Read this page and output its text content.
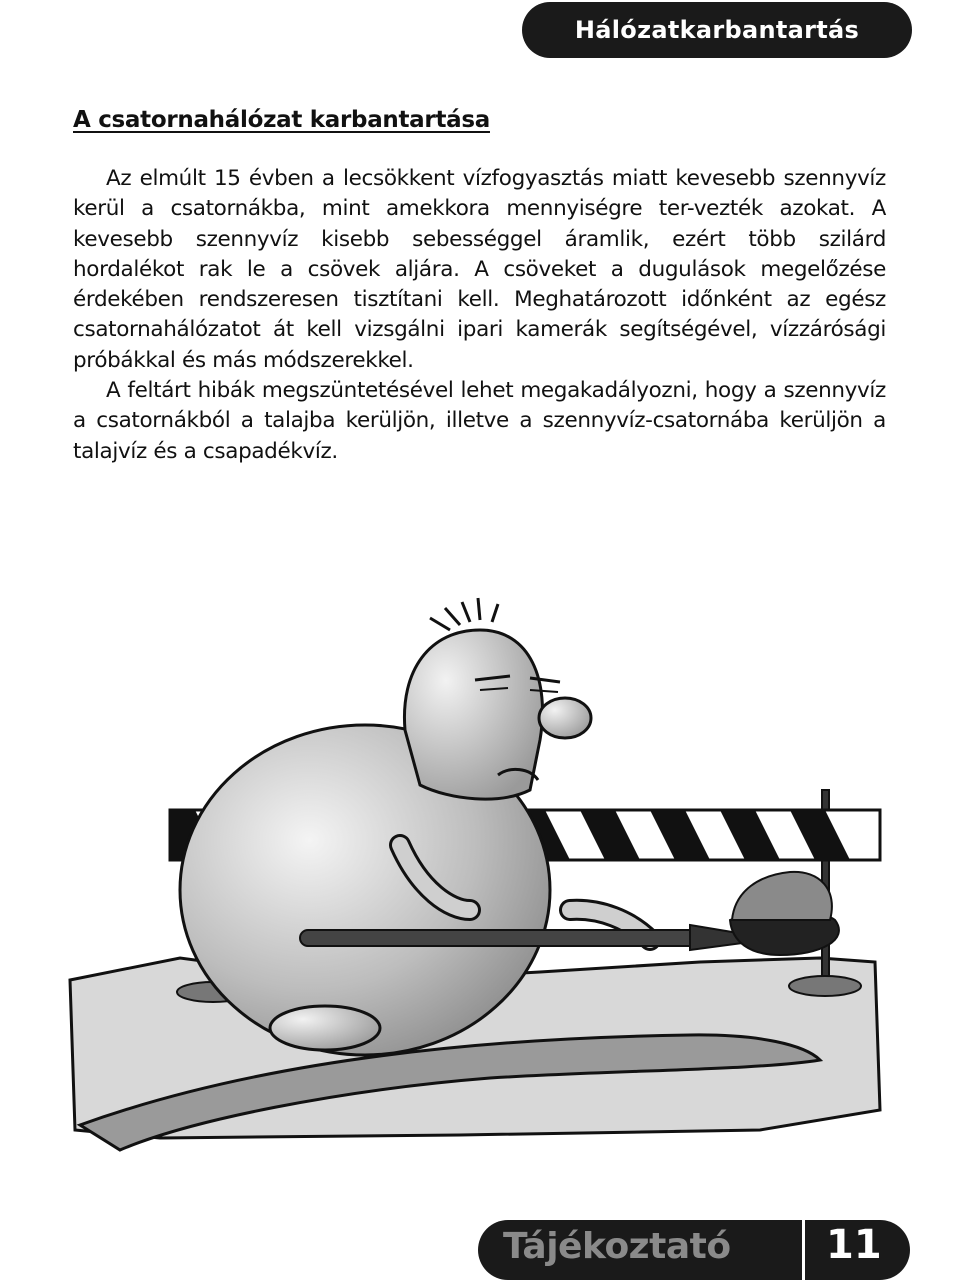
Hálózatkarbantartás
A csatornahálózat karbantartása

Az elmúlt 15 évben a lecsökkent vízfogyasztás miatt kevesebb szennyvíz kerül a csatornákba, mint amekkora mennyiségre ter-vezték azokat. A kevesebb szennyvíz kisebb sebességgel áramlik, ezért több szilárd hordalékot rak le a csövek aljára. A csöveket a dugulások megelőzése érdekében rendszeresen tisztítani kell. Meghatározott időnként az egész csatornahálózatot át kell vizsgálni ipari kamerák segítségével, vízzárósági próbákkal és más módszerekkel.

A feltárt hibák megszüntetésével lehet megakadályozni, hogy a szennyvíz a csatornákból a talajba kerüljön, illetve a szennyvíz-csatornába kerüljön a talajvíz és a csapadékvíz.

Tájékoztató 11
